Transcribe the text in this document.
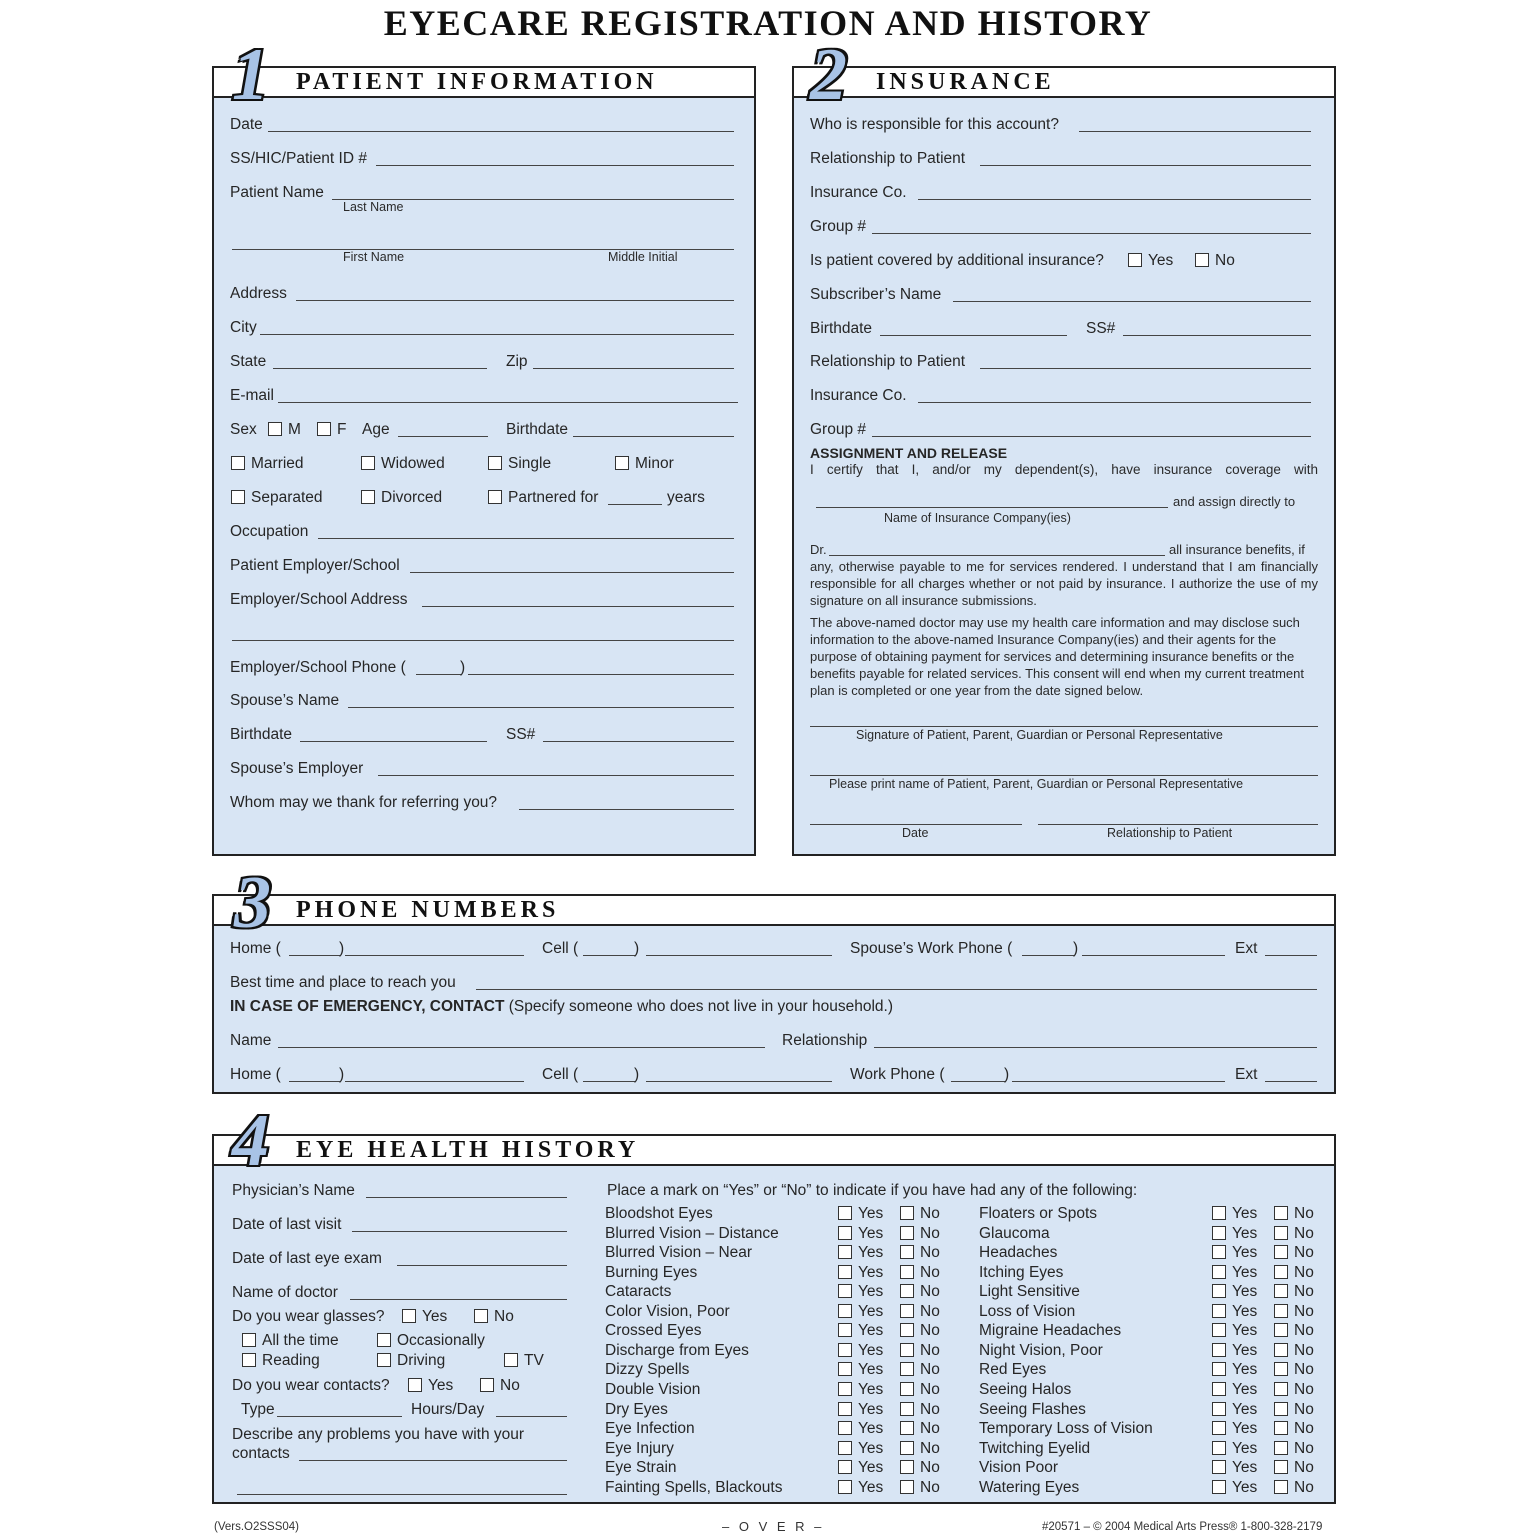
EYECARE REGISTRATION AND HISTORY
PATIENT INFORMATION
1	INSURANCE
2
PHONE NUMBERS
3
EYE HEALTH HISTORY
4
Date
SS/HIC/Patient ID #
Patient Name
Last Name
First Name	Middle Initial
Address
City
State	Zip
E-mail
Sex	M	F Age	Birthdate
Married	Widowed	Single	Minor
Separated	Divorced	Partnered for	years
Occupation
Patient Employer/School
Employer/School Address
Employer/School Phone (	)
Spouse’s Name
Birthdate	SS#
Spouse’s Employer
Whom may we thank for referring you?
Who is responsible for this account?
Relationship to Patient
Insurance Co.
Group #
Is patient covered by additional insurance?	Yes	No
Subscriber’s Name
Birthdate	SS#
Relationship to Patient
Insurance Co.
Group #
ASSIGNMENT AND RELEASE
I certify that I, and/or my dependent(s), have insurance coverage with
and assign directly to
Name of Insurance Company(ies)
Dr.	all insurance benefits, if
any, otherwise payable to me for services rendered. I understand that I am financially responsible for all charges whether or not paid by insurance. I authorize the use of my signature on all insurance submissions.
The above-named doctor may use my health care information and may disclose such information to the above-named Insurance Company(ies) and their agents for the purpose of obtaining payment for services and determining insurance benefits or the benefits payable for related services. This consent will end when my current treatment plan is completed or one year from the date signed below.
Signature of Patient, Parent, Guardian or Personal Representative
Please print name of Patient, Parent, Guardian or Personal Representative
Date	Relationship to Patient
Home (	)	Cell (	)	Spouse’s Work Phone (	)	Ext
Best time and place to reach you
IN CASE OF EMERGENCY, CONTACT (Specify someone who does not live in your household.)
Name	Relationship
Home (	)	Cell (	)	Work Phone (	)	Ext
Physician’s Name
Date of last visit
Date of last eye exam
Name of doctor
Do you wear glasses?	Yes	No
All the time	Occasionally
Reading	Driving	TV
Do you wear contacts?	Yes	No
Type	Hours/Day
Describe any problems you have with your
contacts
Place a mark on “Yes” or “No” to indicate if you have had any of the following:
Bloodshot Eyes	Yes	No
Blurred Vision – Distance	Yes	No
Blurred Vision – Near	Yes	No
Burning Eyes	Yes	No
Cataracts	Yes	No
Color Vision, Poor	Yes	No
Crossed Eyes	Yes	No
Discharge from Eyes	Yes	No
Dizzy Spells	Yes	No
Double Vision	Yes	No
Dry Eyes	Yes	No
Eye Infection	Yes	No
Eye Injury	Yes	No
Eye Strain	Yes	No
Fainting Spells, Blackouts	Yes	No
Floaters or Spots	Yes	No
Glaucoma	Yes	No
Headaches	Yes	No
Itching Eyes	Yes	No
Light Sensitive	Yes	No
Loss of Vision	Yes	No
Migraine Headaches	Yes	No
Night Vision, Poor	Yes	No
Red Eyes	Yes	No
Seeing Halos	Yes	No
Seeing Flashes	Yes	No
Temporary Loss of Vision	Yes	No
Twitching Eyelid	Yes	No
Vision Poor	Yes	No
Watering Eyes	Yes	No
(Vers.O2SSS04)	– O V E R –	#20571 – © 2004 Medical Arts Press® 1-800-328-2179
